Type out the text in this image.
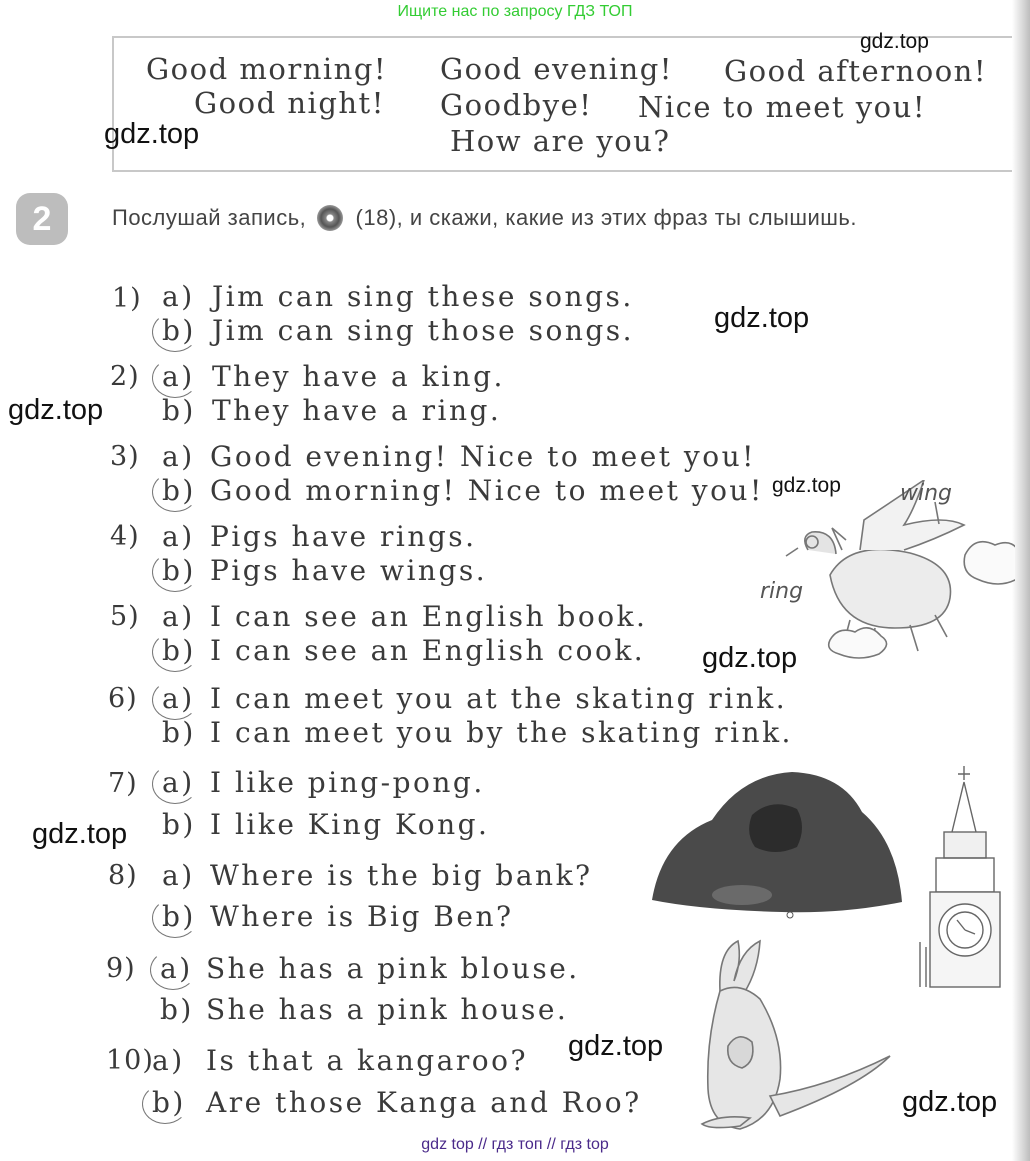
Ищите нас по запросу ГДЗ ТОП
Good morning! Good evening! Good afternoon!
Good night! Goodbye! Nice to meet you!
How are you?
2	Послушай запись, (18), и скажи, какие из этих фраз ты слышишь.
1) a) Jim can sing these songs.
b) Jim can sing those songs.
2) a) They have a king.
b) They have a ring.
3) a) Good evening! Nice to meet you!
b) Good morning! Nice to meet you!
4) a) Pigs have rings.
b) Pigs have wings.
5) a) I can see an English book.
b) I can see an English cook.
6) a) I can meet you at the skating rink.
b) I can meet you by the skating rink.
7) a) I like ping-pong.
b) I like King Kong.
8) a) Where is the big bank?
b) Where is Big Ben?
9) a) She has a pink blouse.
b) She has a pink house.
10)
a) Is that a kangaroo?
b) Are those Kanga and Roo?
wing
ring
gdz.top
gdz.top
gdz.top
gdz.top
gdz.top
gdz.top
gdz.top
gdz.top
gdz.top
gdz top // гдз топ // гдз top
